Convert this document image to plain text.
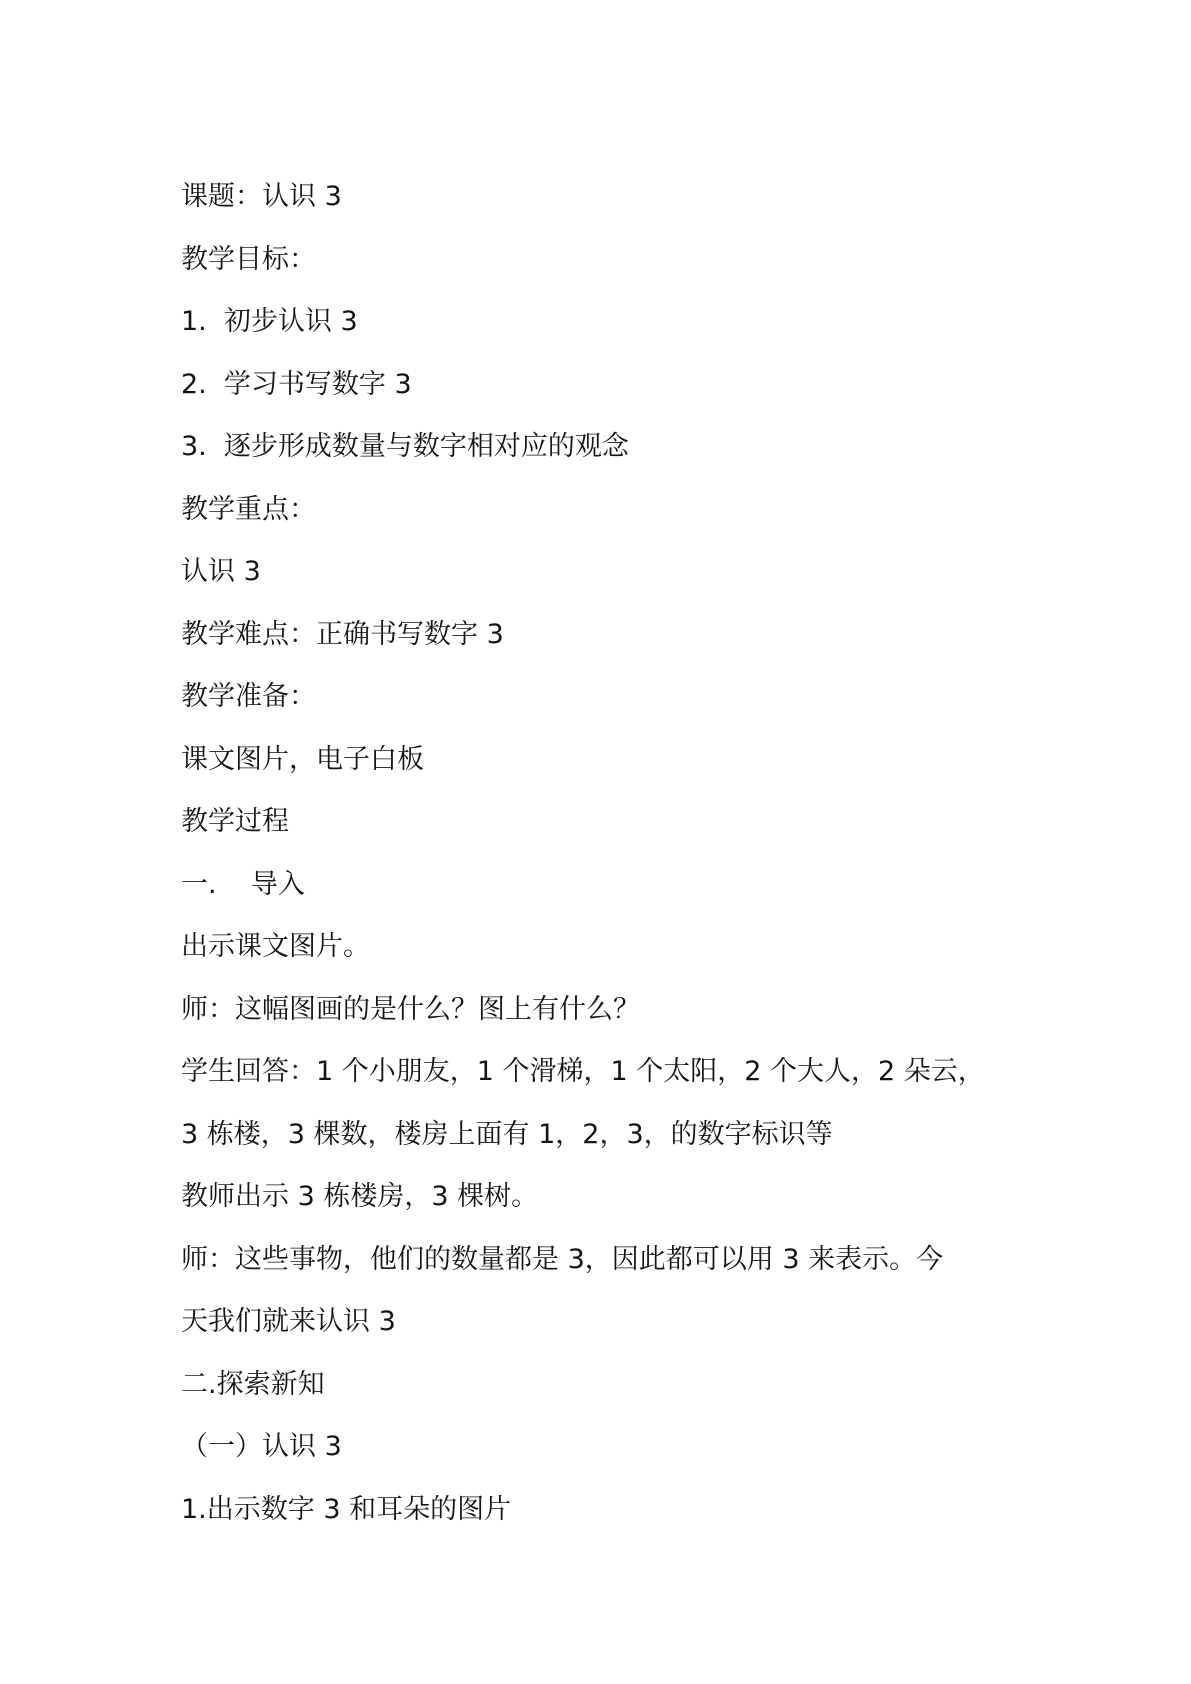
课题：认识 3
教学目标：
1.  初步认识 3
2.  学习书写数字 3
3.  逐步形成数量与数字相对应的观念
教学重点：
认识 3
教学难点：正确书写数字 3
教学准备：
课文图片，电子白板
教学过程
一.    导入
出示课文图片。
师：这幅图画的是什么？图上有什么？
学生回答：1 个小朋友，1 个滑梯，1 个太阳，2 个大人，2 朵云，
3 栋楼，3 棵数，楼房上面有 1，2，3，的数字标识等
教师出示 3 栋楼房，3 棵树。
师：这些事物，他们的数量都是 3，因此都可以用 3 来表示。今
天我们就来认识 3
二.探索新知
（一）认识 3
1.出示数字 3 和耳朵的图片
